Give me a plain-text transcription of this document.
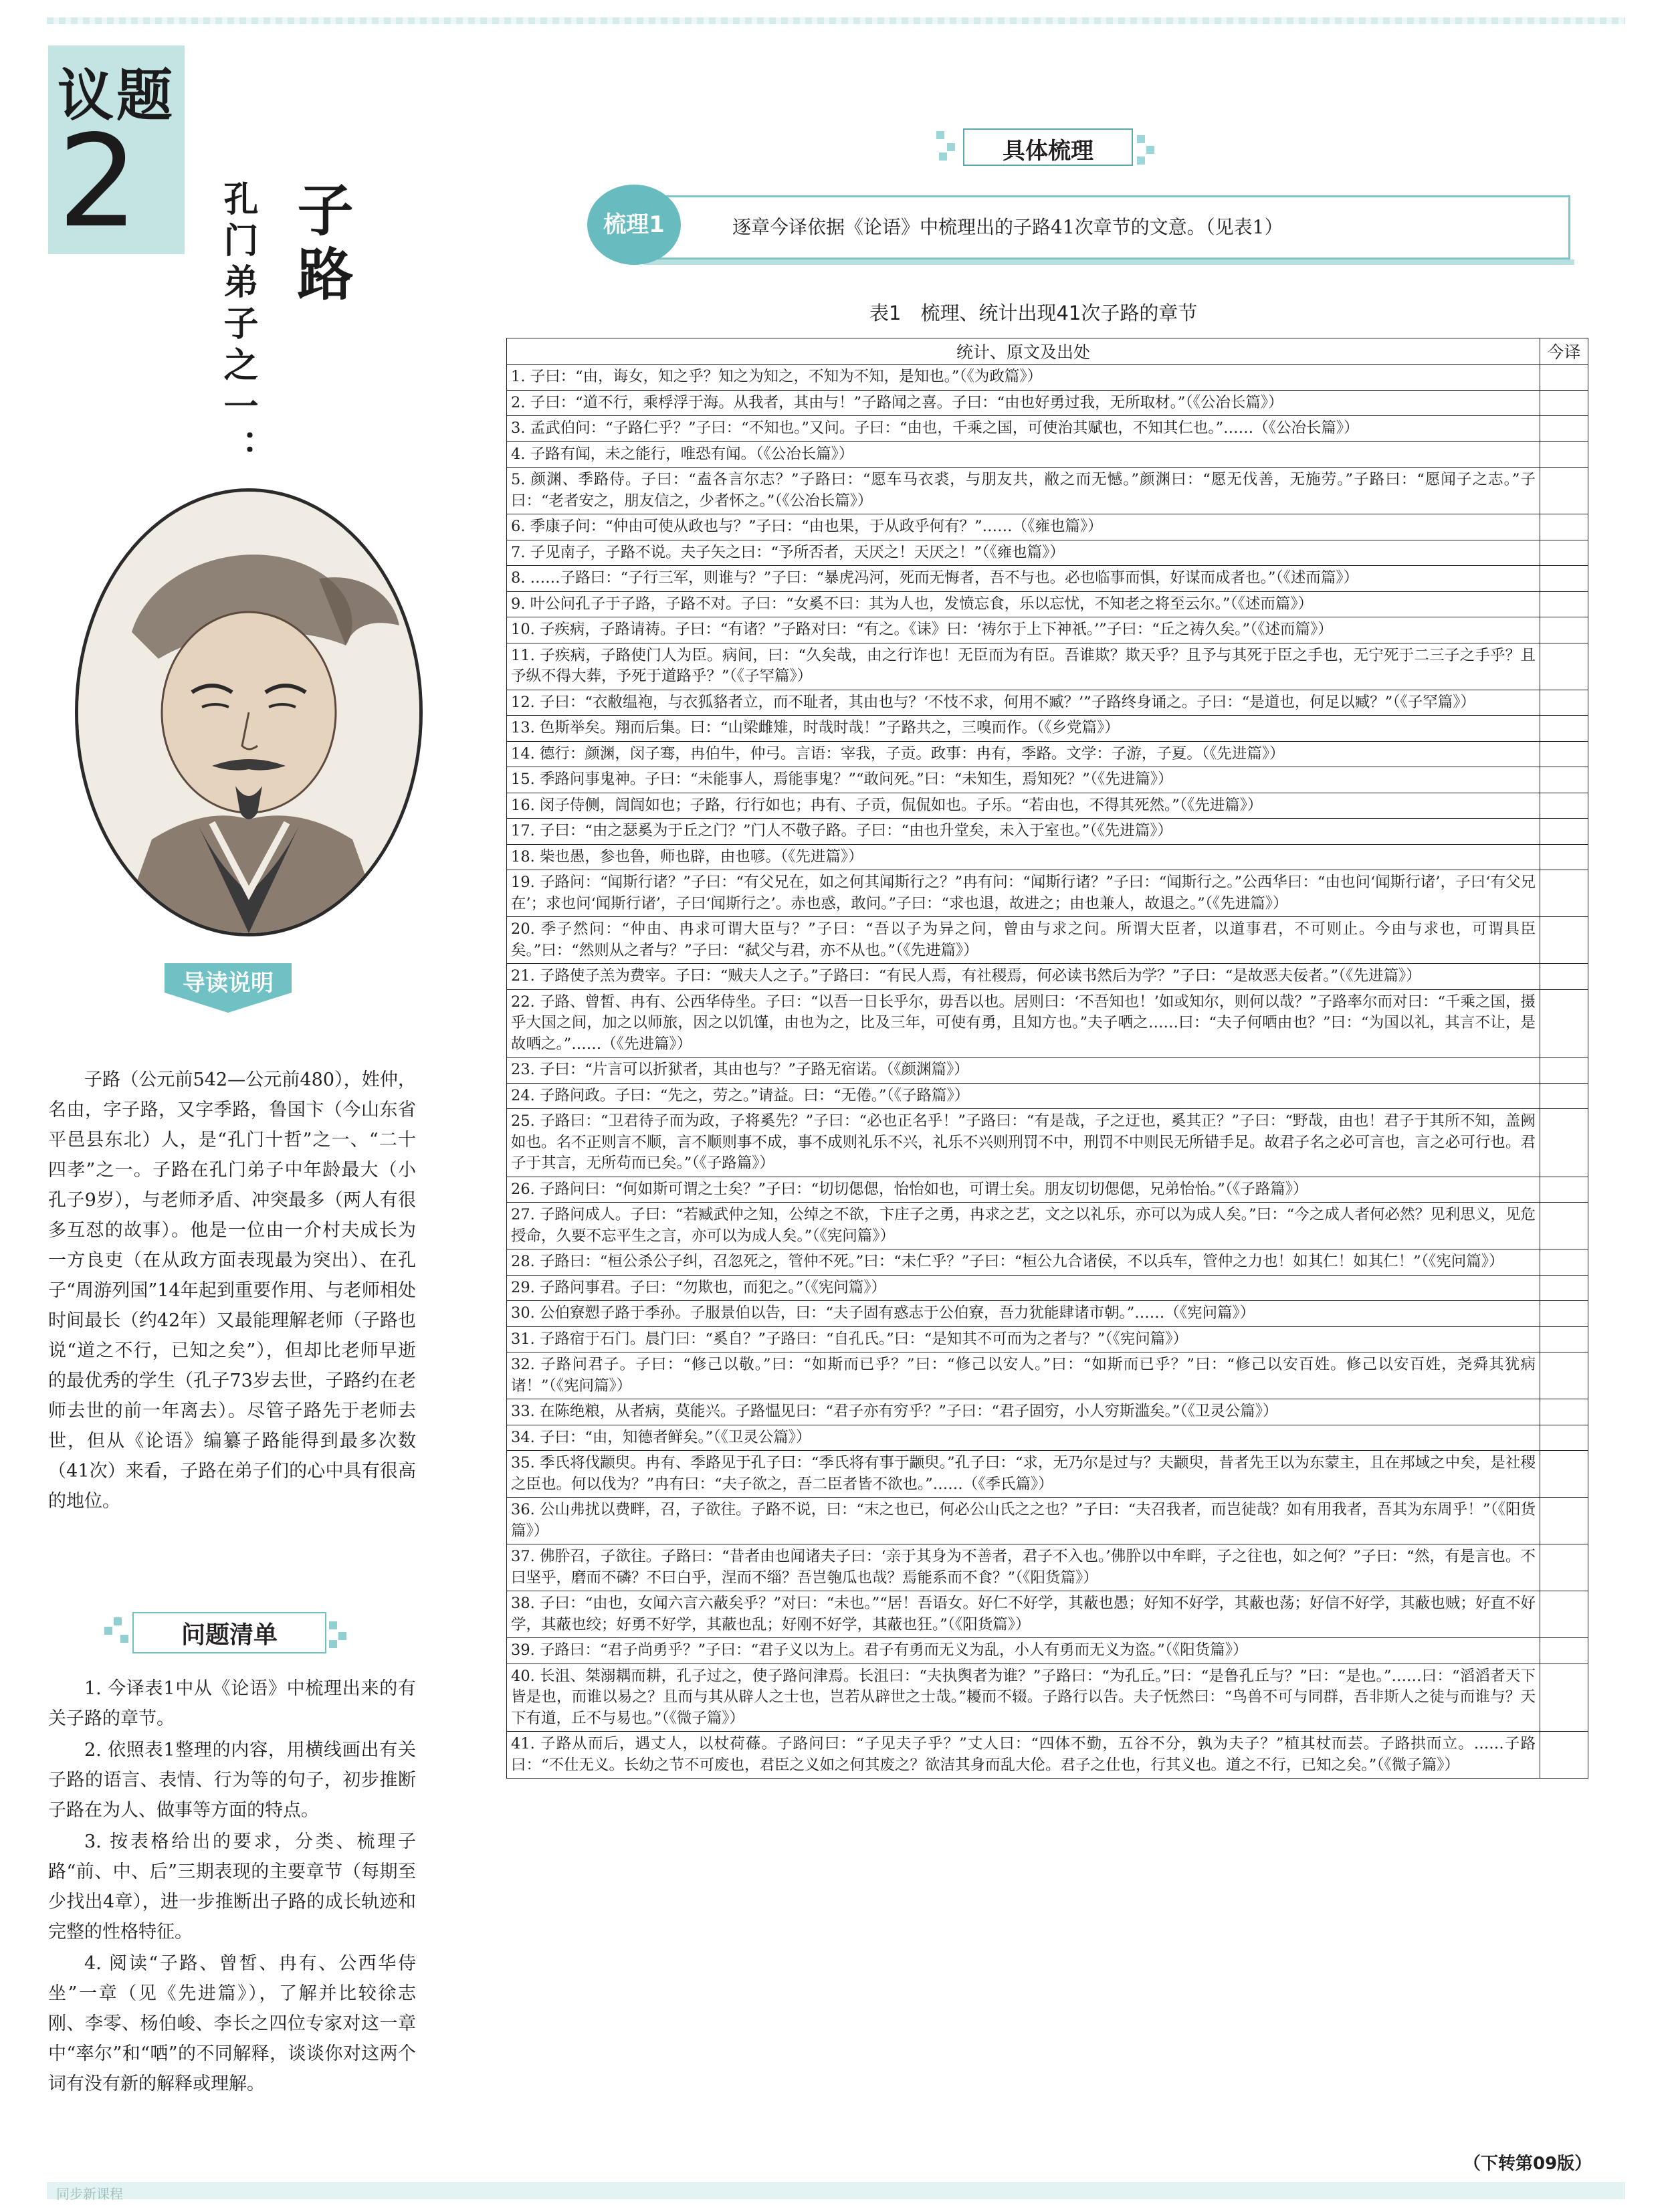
议题
2	子路
孔门弟子之一：
导读说明

子路（公元前542—公元前480），姓仲，名由，字子路，又字季路，鲁国卞（今山东省平邑县东北）人，是“孔门十哲”之一、“二十四孝”之一。子路在孔门弟子中年龄最大（小孔子9岁），与老师矛盾、冲突最多（两人有很多互怼的故事）。他是一位由一介村夫成长为一方良吏（在从政方面表现最为突出）、在孔子“周游列国”14年起到重要作用、与老师相处时间最长（约42年）又最能理解老师（子路也说“道之不行，已知之矣”），但却比老师早逝的最优秀的学生（孔子73岁去世，子路约在老师去世的前一年离去）。尽管子路先于老师去世，但从《论语》编纂子路能得到最多次数（41次）来看，子路在弟子们的心中具有很高的地位。

问题清单

1. 今译表1中从《论语》中梳理出来的有关子路的章节。

2. 依照表1整理的内容，用横线画出有关子路的语言、表情、行为等的句子，初步推断子路在为人、做事等方面的特点。

3. 按表格给出的要求，分类、梳理子路“前、中、后”三期表现的主要章节（每期至少找出4章），进一步推断出子路的成长轨迹和完整的性格特征。

4. 阅读“子路、曾皙、冉有、公西华侍坐”一章（见《先进篇》），了解并比较徐志刚、李零、杨伯峻、李长之四位专家对这一章中“率尔”和“哂”的不同解释，谈谈你对这两个词有没有新的解释或理解。

具体梳理
梳理1	逐章今译依据《论语》中梳理出的子路41次章节的文意。（见表1）
表1　梳理、统计出现41次子路的章节
统计、原文及出处	今译
1. 子曰：“由，诲女，知之乎？知之为知之，不知为不知，是知也。”（《为政篇》）	
2. 子曰：“道不行，乘桴浮于海。从我者，其由与！”子路闻之喜。子曰：“由也好勇过我，无所取材。”（《公冶长篇》）	
3. 孟武伯问：“子路仁乎？”子曰：“不知也。”又问。子曰：“由也，千乘之国，可使治其赋也，不知其仁也。”……（《公冶长篇》）	
4. 子路有闻，未之能行，唯恐有闻。（《公冶长篇》）	
5. 颜渊、季路侍。子曰：“盍各言尔志？”子路曰：“愿车马衣裘，与朋友共，敝之而无憾。”颜渊曰：“愿无伐善，无施劳。”子路曰：“愿闻子之志。”子曰：“老者安之，朋友信之，少者怀之。”（《公冶长篇》）	
6. 季康子问：“仲由可使从政也与？”子曰：“由也果，于从政乎何有？”……（《雍也篇》）	
7. 子见南子，子路不说。夫子矢之曰：“予所否者，天厌之！天厌之！”（《雍也篇》）	
8. ……子路曰：“子行三军，则谁与？”子曰：“暴虎冯河，死而无悔者，吾不与也。必也临事而惧，好谋而成者也。”（《述而篇》）	
9. 叶公问孔子于子路，子路不对。子曰：“女奚不曰：其为人也，发愤忘食，乐以忘忧，不知老之将至云尔。”（《述而篇》）	
10. 子疾病，子路请祷。子曰：“有诸？”子路对曰：“有之。《诔》曰：‘祷尔于上下神祇。’”子曰：“丘之祷久矣。”（《述而篇》）	
11. 子疾病，子路使门人为臣。病间，曰：“久矣哉，由之行诈也！无臣而为有臣。吾谁欺？欺天乎？且予与其死于臣之手也，无宁死于二三子之手乎？且予纵不得大葬，予死于道路乎？”（《子罕篇》）	
12. 子曰：“衣敝缊袍，与衣狐貉者立，而不耻者，其由也与？‘不忮不求，何用不臧？’”子路终身诵之。子曰：“是道也，何足以臧？”（《子罕篇》）	
13. 色斯举矣。翔而后集。曰：“山梁雌雉，时哉时哉！”子路共之，三嗅而作。（《乡党篇》）	
14. 德行：颜渊，闵子骞，冉伯牛，仲弓。言语：宰我，子贡。政事：冉有，季路。文学：子游，子夏。（《先进篇》）	
15. 季路问事鬼神。子曰：“未能事人，焉能事鬼？”“敢问死。”曰：“未知生，焉知死？”（《先进篇》）	
16. 闵子侍侧，訚訚如也；子路，行行如也；冉有、子贡，侃侃如也。子乐。“若由也，不得其死然。”（《先进篇》）	
17. 子曰：“由之瑟奚为于丘之门？”门人不敬子路。子曰：“由也升堂矣，未入于室也。”（《先进篇》）	
18. 柴也愚，参也鲁，师也辟，由也喭。（《先进篇》）	
19. 子路问：“闻斯行诸？”子曰：“有父兄在，如之何其闻斯行之？”冉有问：“闻斯行诸？”子曰：“闻斯行之。”公西华曰：“由也问‘闻斯行诸’，子曰‘有父兄在’；求也问‘闻斯行诸’，子曰‘闻斯行之’。赤也惑，敢问。”子曰：“求也退，故进之；由也兼人，故退之。”（《先进篇》）	
20. 季子然问：“仲由、冉求可谓大臣与？”子曰：“吾以子为异之问，曾由与求之问。所谓大臣者，以道事君，不可则止。今由与求也，可谓具臣矣。”曰：“然则从之者与？”子曰：“弑父与君，亦不从也。”（《先进篇》）	
21. 子路使子羔为费宰。子曰：“贼夫人之子。”子路曰：“有民人焉，有社稷焉，何必读书然后为学？”子曰：“是故恶夫佞者。”（《先进篇》）	
22. 子路、曾皙、冉有、公西华侍坐。子曰：“以吾一日长乎尔，毋吾以也。居则曰：‘不吾知也！’如或知尔，则何以哉？”子路率尔而对曰：“千乘之国，摄乎大国之间，加之以师旅，因之以饥馑，由也为之，比及三年，可使有勇，且知方也。”夫子哂之……曰：“夫子何哂由也？”曰：“为国以礼，其言不让，是故哂之。”……（《先进篇》）	
23. 子曰：“片言可以折狱者，其由也与？”子路无宿诺。（《颜渊篇》）	
24. 子路问政。子曰：“先之，劳之。”请益。曰：“无倦。”（《子路篇》）	
25. 子路曰：“卫君待子而为政，子将奚先？”子曰：“必也正名乎！”子路曰：“有是哉，子之迂也，奚其正？”子曰：“野哉，由也！君子于其所不知，盖阙如也。名不正则言不顺，言不顺则事不成，事不成则礼乐不兴，礼乐不兴则刑罚不中，刑罚不中则民无所错手足。故君子名之必可言也，言之必可行也。君子于其言，无所苟而已矣。”（《子路篇》）	
26. 子路问曰：“何如斯可谓之士矣？”子曰：“切切偲偲，怡怡如也，可谓士矣。朋友切切偲偲，兄弟怡怡。”（《子路篇》）	
27. 子路问成人。子曰：“若臧武仲之知，公绰之不欲，卞庄子之勇，冉求之艺，文之以礼乐，亦可以为成人矣。”曰：“今之成人者何必然？见利思义，见危授命，久要不忘平生之言，亦可以为成人矣。”（《宪问篇》）	
28. 子路曰：“桓公杀公子纠，召忽死之，管仲不死。”曰：“未仁乎？”子曰：“桓公九合诸侯，不以兵车，管仲之力也！如其仁！如其仁！”（《宪问篇》）	
29. 子路问事君。子曰：“勿欺也，而犯之。”（《宪问篇》）	
30. 公伯寮愬子路于季孙。子服景伯以告，曰：“夫子固有惑志于公伯寮，吾力犹能肆诸市朝。”……（《宪问篇》）	
31. 子路宿于石门。晨门曰：“奚自？”子路曰：“自孔氏。”曰：“是知其不可而为之者与？”（《宪问篇》）	
32. 子路问君子。子曰：“修己以敬。”曰：“如斯而已乎？”曰：“修己以安人。”曰：“如斯而已乎？”曰：“修己以安百姓。修己以安百姓，尧舜其犹病诸！”（《宪问篇》）	
33. 在陈绝粮，从者病，莫能兴。子路愠见曰：“君子亦有穷乎？”子曰：“君子固穷，小人穷斯滥矣。”（《卫灵公篇》）	
34. 子曰：“由，知德者鲜矣。”（《卫灵公篇》）	
35. 季氏将伐颛臾。冉有、季路见于孔子曰：“季氏将有事于颛臾。”孔子曰：“求，无乃尔是过与？夫颛臾，昔者先王以为东蒙主，且在邦域之中矣，是社稷之臣也。何以伐为？”冉有曰：“夫子欲之，吾二臣者皆不欲也。”……（《季氏篇》）	
36. 公山弗扰以费畔，召，子欲往。子路不说，曰：“末之也已，何必公山氏之之也？”子曰：“夫召我者，而岂徒哉？如有用我者，吾其为东周乎！”（《阳货篇》）	
37. 佛肸召，子欲往。子路曰：“昔者由也闻诸夫子曰：‘亲于其身为不善者，君子不入也。’佛肸以中牟畔，子之往也，如之何？”子曰：“然，有是言也。不曰坚乎，磨而不磷？不曰白乎，涅而不缁？吾岂匏瓜也哉？焉能系而不食？”（《阳货篇》）	
38. 子曰：“由也，女闻六言六蔽矣乎？”对曰：“未也。”“居！吾语女。好仁不好学，其蔽也愚；好知不好学，其蔽也荡；好信不好学，其蔽也贼；好直不好学，其蔽也绞；好勇不好学，其蔽也乱；好刚不好学，其蔽也狂。”（《阳货篇》）	
39. 子路曰：“君子尚勇乎？”子曰：“君子义以为上。君子有勇而无义为乱，小人有勇而无义为盗。”（《阳货篇》）	
40. 长沮、桀溺耦而耕，孔子过之，使子路问津焉。长沮曰：“夫执舆者为谁？”子路曰：“为孔丘。”曰：“是鲁孔丘与？”曰：“是也。”……曰：“滔滔者天下皆是也，而谁以易之？且而与其从辟人之士也，岂若从辟世之士哉。”耰而不辍。子路行以告。夫子怃然曰：“鸟兽不可与同群，吾非斯人之徒与而谁与？天下有道，丘不与易也。”（《微子篇》）	
41. 子路从而后，遇丈人，以杖荷蓧。子路问曰：“子见夫子乎？”丈人曰：“四体不勤，五谷不分，孰为夫子？”植其杖而芸。子路拱而立。……子路曰：“不仕无义。长幼之节不可废也，君臣之义如之何其废之？欲洁其身而乱大伦。君子之仕也，行其义也。道之不行，已知之矣。”（《微子篇》）	
（下转第09版）
同步新课程
